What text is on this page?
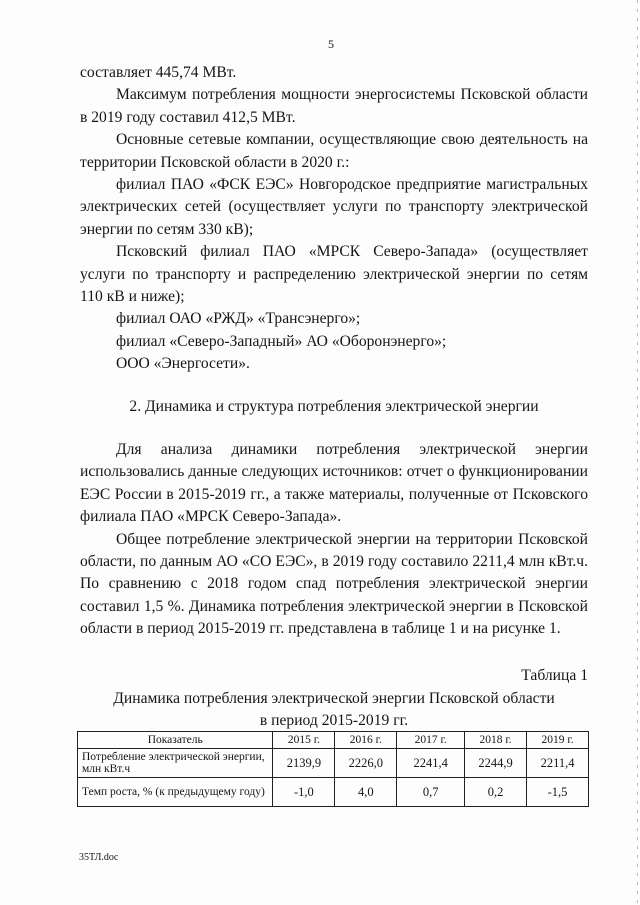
5

составляет 445,74 МВт.

Максимум потребления мощности энергосистемы Псковской области в 2019 году составил 412,5 МВт.

Основные сетевые компании, осуществляющие свою деятельность на территории Псковской области в 2020 г.:

филиал ПАО «ФСК ЕЭС» Новгородское предприятие магистральных электрических сетей (осуществляет услуги по транспорту электрической энергии по сетям 330 кВ);

Псковский филиал ПАО «МРСК Северо-Запада» (осуществляет услуги по транспорту и распределению электрической энергии по сетям 110 кВ и ниже);

филиал ОАО «РЖД» «Трансэнерго»;

филиал «Северо-Западный» АО «Оборонэнерго»;

ООО «Энергосети».

2. Динамика и структура потребления электрической энергии

Для анализа динамики потребления электрической энергии использовались данные следующих источников: отчет о функционировании ЕЭС России в 2015-2019 гг., а также материалы, полученные от Псковского филиала ПАО «МРСК Северо-Запада».

Общее потребление электрической энергии на территории Псковской области, по данным АО «СО ЕЭС», в 2019 году составило 2211,4 млн кВт.ч. По сравнению с 2018 годом спад потребления электрической энергии составил 1,5 %. Динамика потребления электрической энергии в Псковской области в период 2015-2019 гг. представлена в таблице 1 и на рисунке 1.

Таблица 1
Динамика потребления электрической энергии Псковской области
в период 2015-2019 гг.
Показатель	2015 г.	2016 г.	2017 г.	2018 г.	2019 г.
Потребление электрической энергии, млн кВт.ч	2139,9	2226,0	2241,4	2244,9	2211,4
Темп роста, % (к предыдущему году)	-1,0	4,0	0,7	0,2	-1,5
35ТЛ.doc
